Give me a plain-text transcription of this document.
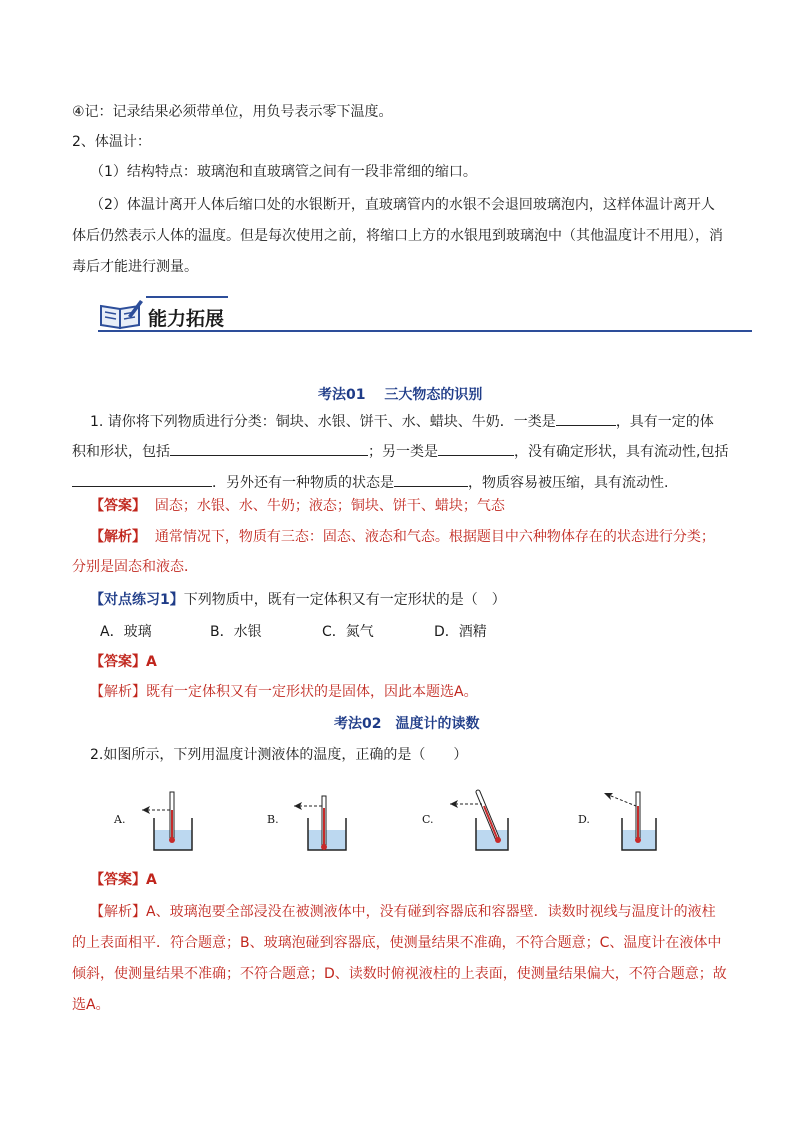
④记：记录结果必须带单位，用负号表示零下温度。
2、体温计：
（1）结构特点：玻璃泡和直玻璃管之间有一段非常细的缩口。
（2）体温计离开人体后缩口处的水银断开，直玻璃管内的水银不会退回玻璃泡内，这样体温计离开人
体后仍然表示人体的温度。但是每次使用之前，将缩口上方的水银甩到玻璃泡中（其他温度计不用甩），消
毒后才能进行测量。
能力拓展
考法01　 三大物态的识别
1. 请你将下列物质进行分类：铜块、水银、饼干、水、蜡块、牛奶．一类是	，具有一定的体
积和形状，包括	；另一类是	，没有确定形状，具有流动性,包括
．另外还有一种物质的状态是	，物质容易被压缩，具有流动性.
【答案】 固态；水银、水、牛奶；液态；铜块、饼干、蜡块；气态
【解析】 通常情况下，物质有三态：固态、液态和气态。根据题目中六种物体存在的状态进行分类；
分别是固态和液态．
【对点练习1】下列物质中，既有一定体积又有一定形状的是（　）
A．玻璃	B．水银	C．氮气	D．酒精
【答案】A
【解析】既有一定体积又有一定形状的是固体，因此本题选A。
考法02　温度计的读数
2.如图所示，下列用温度计测液体的温度，正确的是（　　）
A.	B.	C.	D.
【答案】A
【解析】A、玻璃泡要全部浸没在被测液体中，没有碰到容器底和容器壁．读数时视线与温度计的液柱
的上表面相平．符合题意；B、玻璃泡碰到容器底，使测量结果不准确，不符合题意；C、温度计在液体中
倾斜，使测量结果不准确；不符合题意；D、读数时俯视液柱的上表面，使测量结果偏大，不符合题意；故
选A。
